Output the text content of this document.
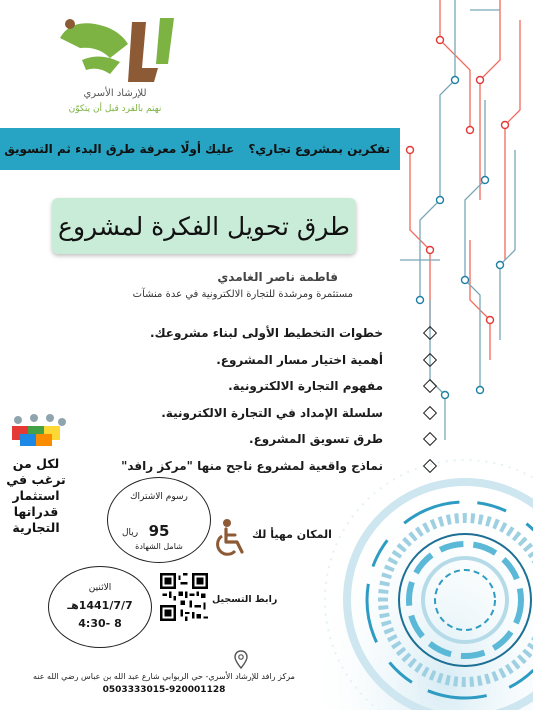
للإرشاد الأسري
نهتم بالفرد قبل أن يتكوّن
تفكرين بمشروع تجاري؟
عليك أولًا معرفة طرق البدء ثم التسويق
طرق تحويل الفكرة لمشروع
فاطمة ناصر الغامدي
مستثمرة ومرشدة للتجارة الالكترونية في عدة منشآت
خطوات التخطيط الأولى لبناء مشروعك.
أهمية اختيار مسار المشروع.
مفهوم التجارة الالكترونية.
سلسلة الإمداد في التجارة الالكترونية.
طرق تسويق المشروع.
نماذج واقعية لمشروع ناجح منها "مركز رافد"
لكل من ترغب في استثمار قدراتها التجارية
رسوم الاشتراك
95
ريال
شامل الشهادة
المكان مهيأ لك
الاثنين
1441/7/7هـ
8 -4:30
رابط التسجيل
مركز رافد للإرشاد الأسري- حي الربوابي شارع عبد الله بن عباس رضي الله عنه
0503333015-920001128
